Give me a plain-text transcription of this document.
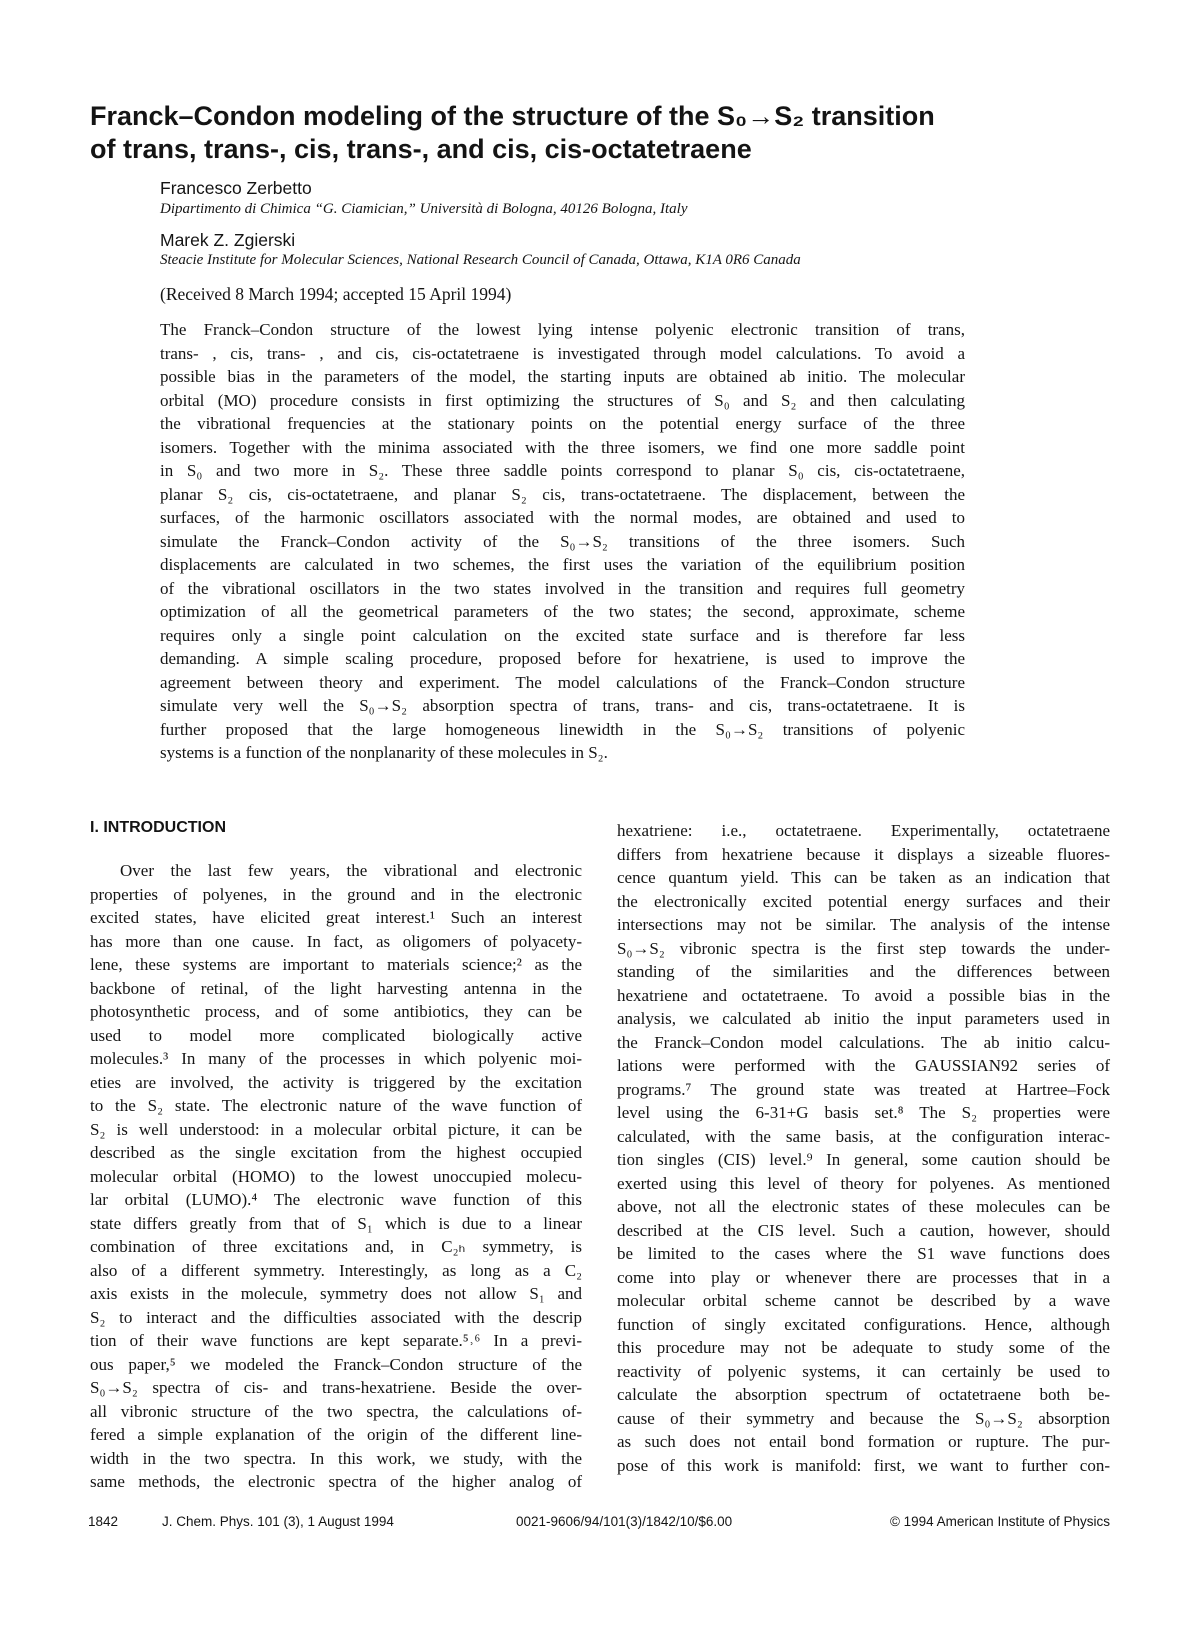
Franck–Condon modeling of the structure of the S₀→S₂ transition
of trans, trans-, cis, trans-, and cis, cis-octatetraene
Francesco Zerbetto
Dipartimento di Chimica “G. Ciamician,” Università di Bologna, 40126 Bologna, Italy
Marek Z. Zgierski
Steacie Institute for Molecular Sciences, National Research Council of Canada, Ottawa, K1A 0R6 Canada
(Received 8 March 1994; accepted 15 April 1994)
The Franck–Condon structure of the lowest lying intense polyenic electronic transition of trans,
trans- , cis, trans- , and cis, cis-octatetraene is investigated through model calculations. To avoid a
possible bias in the parameters of the model, the starting inputs are obtained ab initio. The molecular
orbital (MO) procedure consists in first optimizing the structures of S₀ and S₂ and then calculating
the vibrational frequencies at the stationary points on the potential energy surface of the three
isomers. Together with the minima associated with the three isomers, we find one more saddle point
in S₀ and two more in S₂. These three saddle points correspond to planar S₀ cis, cis-octatetraene,
planar S₂ cis, cis-octatetraene, and planar S₂ cis, trans-octatetraene. The displacement, between the
surfaces, of the harmonic oscillators associated with the normal modes, are obtained and used to
simulate the Franck–Condon activity of the S₀→S₂ transitions of the three isomers. Such
displacements are calculated in two schemes, the first uses the variation of the equilibrium position
of the vibrational oscillators in the two states involved in the transition and requires full geometry
optimization of all the geometrical parameters of the two states; the second, approximate, scheme
requires only a single point calculation on the excited state surface and is therefore far less
demanding. A simple scaling procedure, proposed before for hexatriene, is used to improve the
agreement between theory and experiment. The model calculations of the Franck–Condon structure
simulate very well the S₀→S₂ absorption spectra of trans, trans- and cis, trans-octatetraene. It is
further proposed that the large homogeneous linewidth in the S₀→S₂ transitions of polyenic
systems is a function of the nonplanarity of these molecules in S₂.
I. INTRODUCTION
Over the last few years, the vibrational and electronic
properties of polyenes, in the ground and in the electronic
excited states, have elicited great interest.¹ Such an interest
has more than one cause. In fact, as oligomers of polyacety-
lene, these systems are important to materials science;² as the
backbone of retinal, of the light harvesting antenna in the
photosynthetic process, and of some antibiotics, they can be
used to model more complicated biologically active
molecules.³ In many of the processes in which polyenic moi-
eties are involved, the activity is triggered by the excitation
to the S₂ state. The electronic nature of the wave function of
S₂ is well understood: in a molecular orbital picture, it can be
described as the single excitation from the highest occupied
molecular orbital (HOMO) to the lowest unoccupied molecu-
lar orbital (LUMO).⁴ The electronic wave function of this
state differs greatly from that of S₁ which is due to a linear
combination of three excitations and, in C₂ₕ symmetry, is
also of a different symmetry. Interestingly, as long as a C₂
axis exists in the molecule, symmetry does not allow S₁ and
S₂ to interact and the difficulties associated with the descrip
tion of their wave functions are kept separate.⁵˒⁶ In a previ-
ous paper,⁵ we modeled the Franck–Condon structure of the
S₀→S₂ spectra of cis- and trans-hexatriene. Beside the over-
all vibronic structure of the two spectra, the calculations of-
fered a simple explanation of the origin of the different line-
width in the two spectra. In this work, we study, with the
same methods, the electronic spectra of the higher analog of
hexatriene: i.e., octatetraene. Experimentally, octatetraene
differs from hexatriene because it displays a sizeable fluores-
cence quantum yield. This can be taken as an indication that
the electronically excited potential energy surfaces and their
intersections may not be similar. The analysis of the intense
S₀→S₂ vibronic spectra is the first step towards the under-
standing of the similarities and the differences between
hexatriene and octatetraene. To avoid a possible bias in the
analysis, we calculated ab initio the input parameters used in
the Franck–Condon model calculations. The ab initio calcu-
lations were performed with the GAUSSIAN92 series of
programs.⁷ The ground state was treated at Hartree–Fock
level using the 6-31+G basis set.⁸ The S₂ properties were
calculated, with the same basis, at the configuration interac-
tion singles (CIS) level.⁹ In general, some caution should be
exerted using this level of theory for polyenes. As mentioned
above, not all the electronic states of these molecules can be
described at the CIS level. Such a caution, however, should
be limited to the cases where the S1 wave functions does
come into play or whenever there are processes that in a
molecular orbital scheme cannot be described by a wave
function of singly excitated configurations. Hence, although
this procedure may not be adequate to study some of the
reactivity of polyenic systems, it can certainly be used to
calculate the absorption spectrum of octatetraene both be-
cause of their symmetry and because the S₀→S₂ absorption
as such does not entail bond formation or rupture. The pur-
pose of this work is manifold: first, we want to further con-
1842	J. Chem. Phys. 101 (3), 1 August 1994	0021-9606/94/101(3)/1842/10/$6.00	© 1994 American Institute of Physics
